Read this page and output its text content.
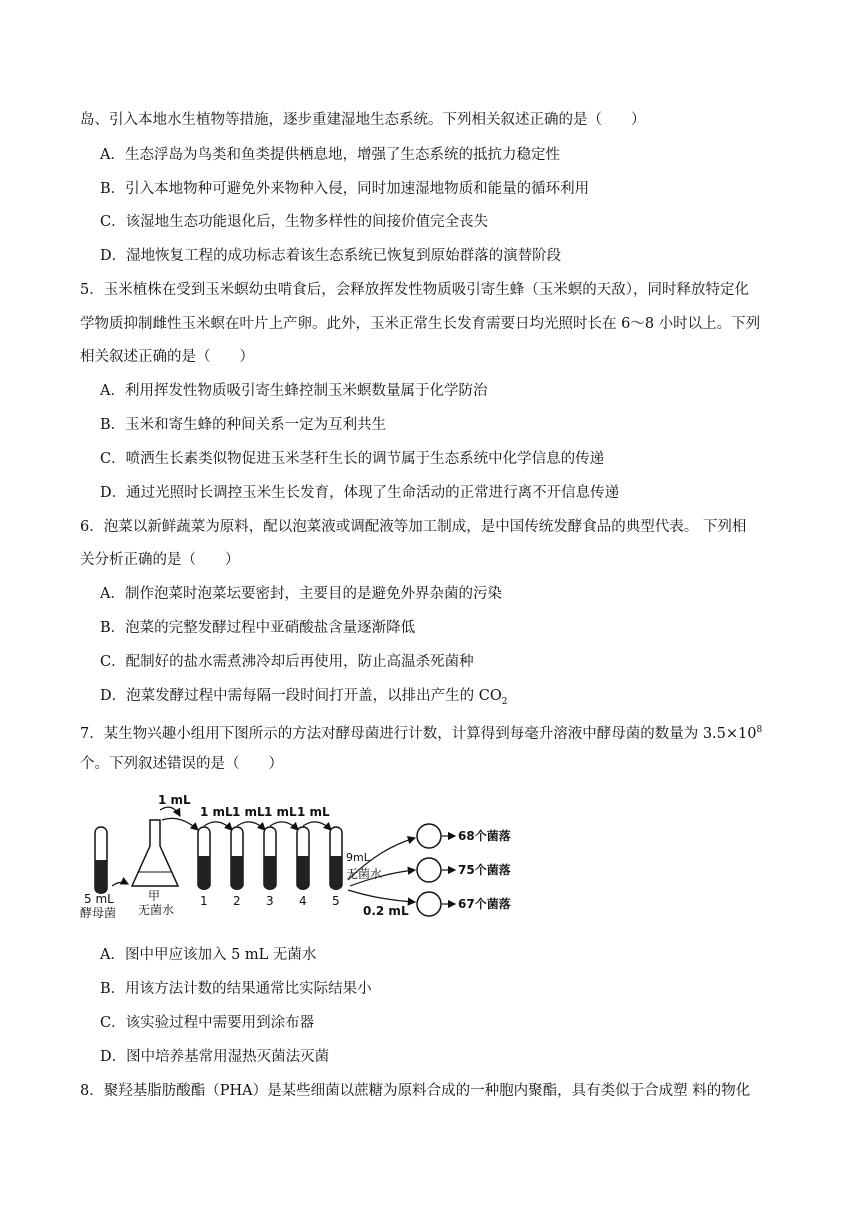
岛、引入本地水生植物等措施，逐步重建湿地生态系统。下列相关叙述正确的是（　　）
A．生态浮岛为鸟类和鱼类提供栖息地，增强了生态系统的抵抗力稳定性
B．引入本地物种可避免外来物种入侵，同时加速湿地物质和能量的循环利用
C．该湿地生态功能退化后，生物多样性的间接价值完全丧失
D．湿地恢复工程的成功标志着该生态系统已恢复到原始群落的演替阶段
5．玉米植株在受到玉米螟幼虫啃食后，会释放挥发性物质吸引寄生蜂（玉米螟的天敌），同时释放特定化
学物质抑制雌性玉米螟在叶片上产卵。此外，玉米正常生长发育需要日均光照时长在 6～8 小时以上。下列
相关叙述正确的是（　　）
A．利用挥发性物质吸引寄生蜂控制玉米螟数量属于化学防治
B．玉米和寄生蜂的种间关系一定为互利共生
C．喷洒生长素类似物促进玉米茎秆生长的调节属于生态系统中化学信息的传递
D．通过光照时长调控玉米生长发育，体现了生命活动的正常进行离不开信息传递
6．泡菜以新鲜蔬菜为原料，配以泡菜液或调配液等加工制成，是中国传统发酵食品的典型代表。 下列相
关分析正确的是（　　）
A．制作泡菜时泡菜坛要密封，主要目的是避免外界杂菌的污染
B．泡菜的完整发酵过程中亚硝酸盐含量逐渐降低
C．配制好的盐水需煮沸冷却后再使用，防止高温杀死菌种
D．泡菜发酵过程中需每隔一段时间打开盖，以排出产生的 $CO_2$
7．某生物兴趣小组用下图所示的方法对酵母菌进行计数，计算得到每毫升溶液中酵母菌的数量为 $3.5\times 10^8$
个。下列叙述错误的是（　　）
1 mL
1 mL 1 mL 1 mL 1 mL
5 mL
酵母菌
甲
无菌水
1 2 3 4 5
9mL
无菌水
0.2 mL
68个菌落
75个菌落
67个菌落
A．图中甲应该加入 5 mL 无菌水
B．用该方法计数的结果通常比实际结果小
C．该实验过程中需要用到涂布器
D．图中培养基常用湿热灭菌法灭菌
8．聚羟基脂肪酸酯（PHA）是某些细菌以蔗糖为原料合成的一种胞内聚酯，具有类似于合成塑 料的物化
